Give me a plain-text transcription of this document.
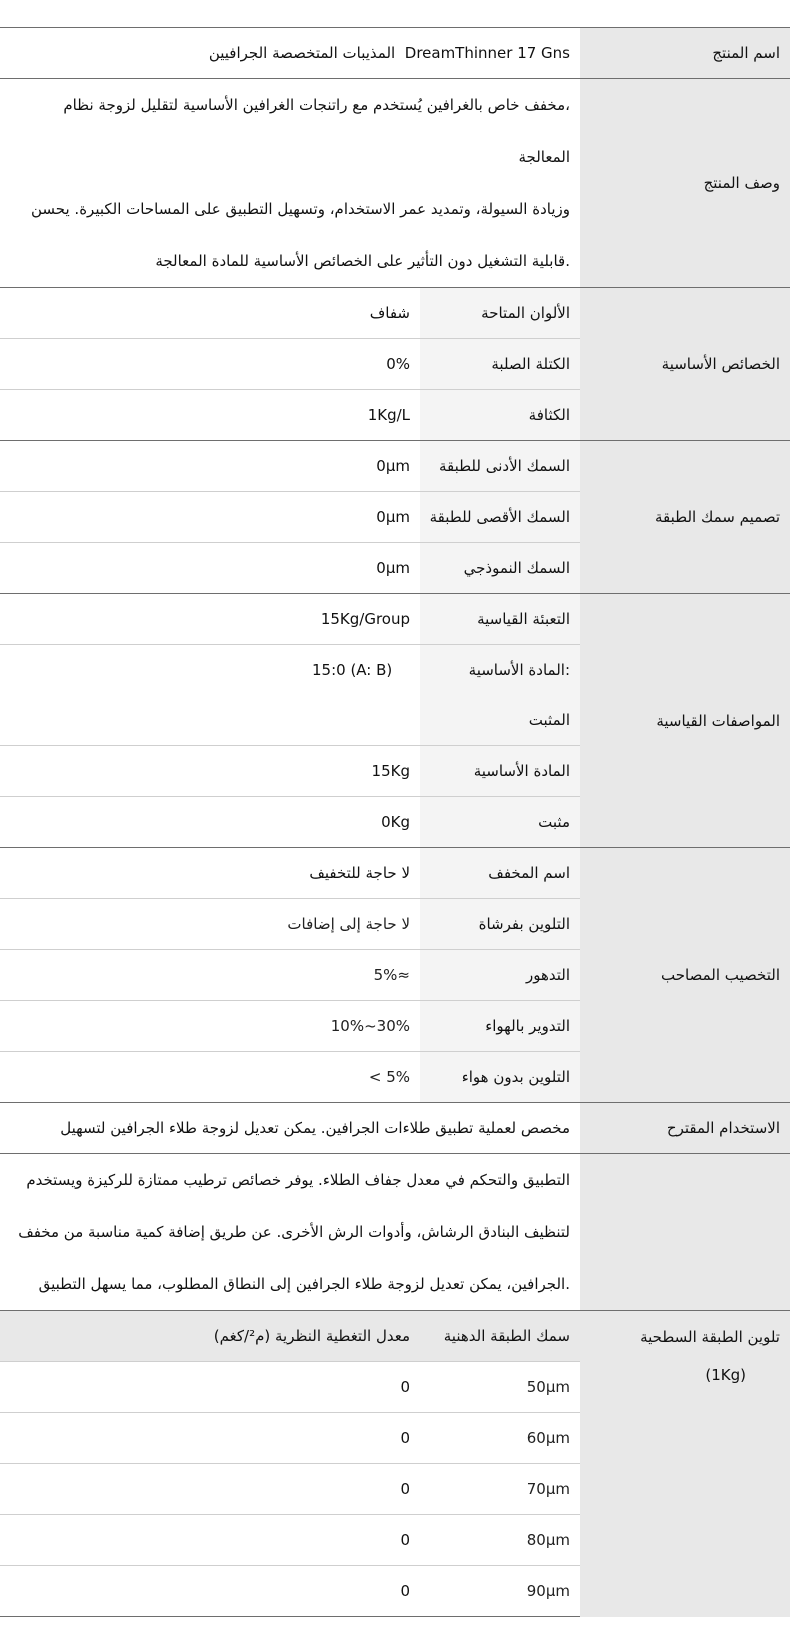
DreamThinner 17 Gns  المذيبات المتخصصة الجرافيين		اسم المنتج

،مخفف خاص بالغرافين يُستخدم مع راتنجات الغرافين الأساسية لتقليل لزوجة نظام المعالجة
وزيادة السيولة، وتمديد عمر الاستخدام، وتسهيل التطبيق على المساحات الكبيرة. يحسن
.قابلية التشغيل دون التأثير على الخصائص الأساسية للمادة المعالجة		وصف المنتج
شفاف	الألوان المتاحة	الخصائص الأساسية
0%	الكتلة الصلبة	
1Kg/L	الكثافة	
0μm	السمك الأدنى للطبقة	تصميم سمك الطبقة
0μm	السمك الأقصى للطبقة	
0μm	السمك النموذجي	
15Kg/Group	التعبئة القياسية	المواصفات القياسية
15:0 (A: B)	:المادة الأساسية	
	المثبت	
15Kg	المادة الأساسية	
0Kg	مثبت	
لا حاجة للتخفيف	اسم المخفف	التخصيب المصاحب
لا حاجة إلى إضافات	التلوين بفرشاة	
≈5%	التدهور	
10%~30%	التدوير بالهواء	
< 5%	التلوين بدون هواء	
مخصص لعملية تطبيق طلاءات الجرافين. يمكن تعديل لزوجة طلاء الجرافين لتسهيل		الاستخدام المقترح

التطبيق والتحكم في معدل جفاف الطلاء. يوفر خصائص ترطيب ممتازة للركيزة ويستخدم
لتنظيف البنادق الرشاش، وأدوات الرش الأخرى. عن طريق إضافة كمية مناسبة من مخفف
.الجرافين، يمكن تعديل لزوجة طلاء الجرافين إلى النطاق المطلوب، مما يسهل التطبيق		

معدل التغطية النظرية (م²/كغم)	سمك الطبقة الدهنية	تلوين الطبقة السطحية
(1Kg)

0	50μm	
0	60μm	
0	70μm	
0	80μm	
0	90μm	
